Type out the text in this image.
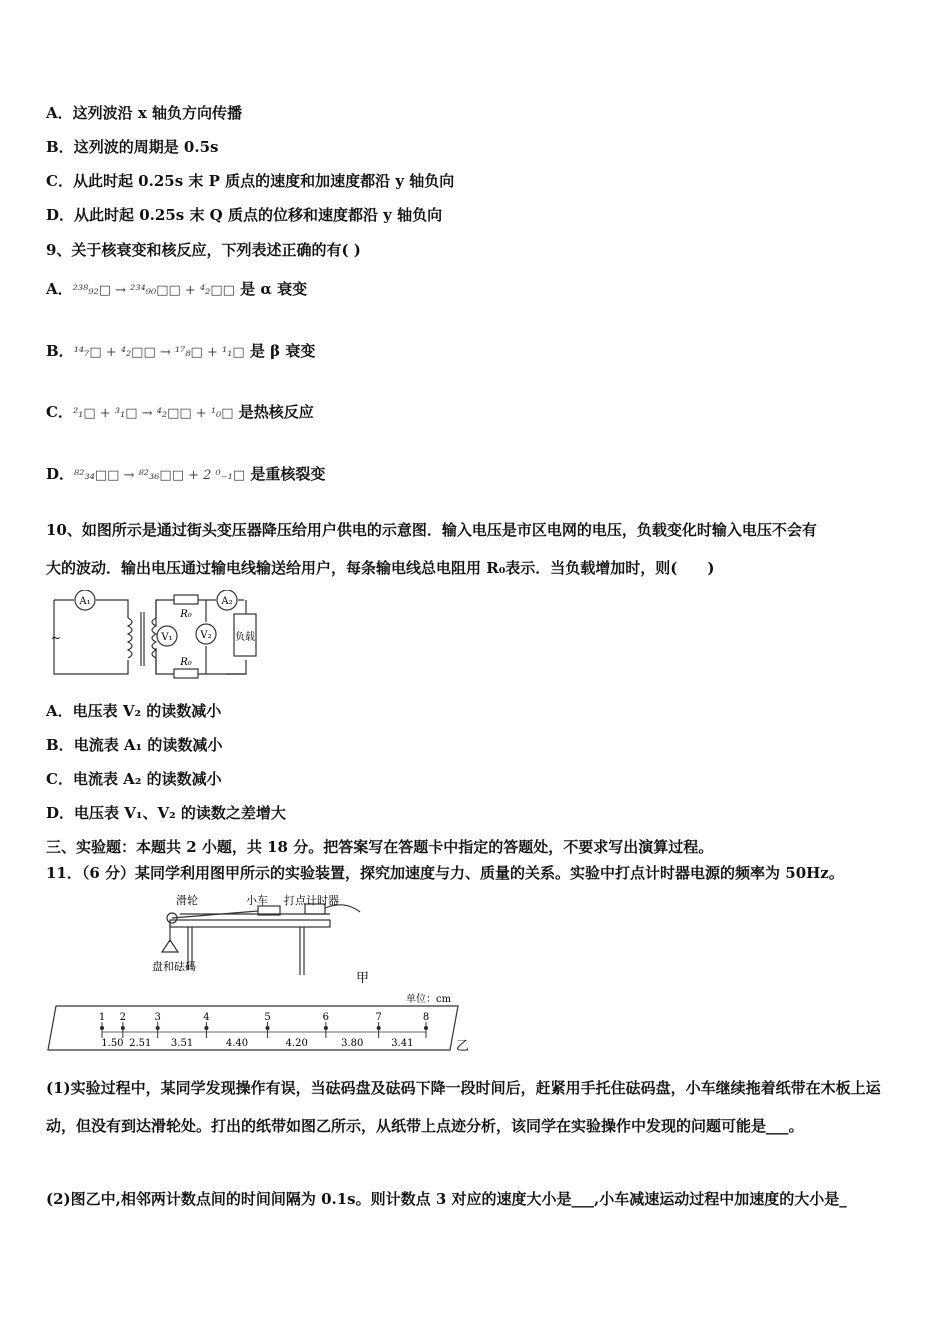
A．这列波沿 x 轴负方向传播
B．这列波的周期是 0.5s
C．从此时起 0.25s 末 P 质点的速度和加速度都沿 y 轴负向
D．从此时起 0.25s 末 Q 质点的位移和速度都沿 y 轴负向
9、关于核衰变和核反应，下列表述正确的有( )
A．²³⁸₉₂□ → ²³⁴₉₀□□ + ⁴₂□□ 是 α 衰变
B．¹⁴₇□ + ⁴₂□□ → ¹⁷₈□ + ¹₁□ 是 β 衰变
C．²₁□ + ³₁□ → ⁴₂□□ + ¹₀□ 是热核反应
D．⁸²₃₄□□ → ⁸²₃₆□□ + 2 ⁰₋₁□ 是重核裂变
10、如图所示是通过街头变压器降压给用户供电的示意图．输入电压是市区电网的电压，负载变化时输入电压不会有
大的波动．输出电压通过输电线输送给用户，每条输电线总电阻用 R₀表示．当负载增加时，则(　　)
A₁
V₁	V₂
A₂
R₀
R₀
负载
~
A．电压表 V₂ 的读数减小
B．电流表 A₁ 的读数减小
C．电流表 A₂ 的读数减小
D．电压表 V₁、V₂ 的读数之差增大
三、实验题：本题共 2 小题，共 18 分。把答案写在答题卡中指定的答题处，不要求写出演算过程。
11．（6 分）某同学利用图甲所示的实验装置，探究加速度与力、质量的关系。实验中打点计时器电源的频率为 50Hz。
滑轮	小车 打点计时器
盘和砝码
甲
单位：cm
乙
1 2	3	4	5	6	7	8
1.50 2.51 3.51	4.40	4.20	3.80	3.41
(1)实验过程中，某同学发现操作有误，当砝码盘及砝码下降一段时间后，赶紧用手托住砝码盘，小车继续拖着纸带在木板上运动，但没有到达滑轮处。打出的纸带如图乙所示，从纸带上点迹分析，该同学在实验操作中发现的问题可能是___。
(2)图乙中,相邻两计数点间的时间间隔为 0.1s。则计数点 3 对应的速度大小是___,小车减速运动过程中加速度的大小是_
